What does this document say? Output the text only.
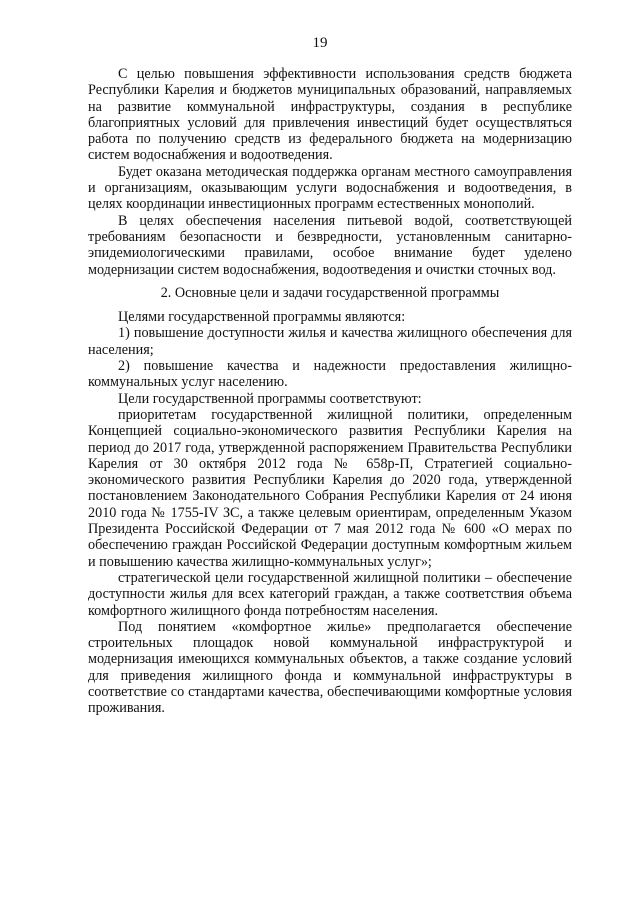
19

С целью повышения эффективности использования средств бюджета Республики Карелия и бюджетов муниципальных образований, направляемых на развитие коммунальной инфраструктуры, создания в республике благоприятных условий для привлечения инвестиций будет осуществляться работа по получению средств из федерального бюджета на модернизацию систем водоснабжения и водоотведения.

Будет оказана методическая поддержка органам местного самоуправления и организациям, оказывающим услуги водоснабжения и водоотведения, в целях координации инвестиционных программ естественных монополий.

В целях обеспечения населения питьевой водой, соответствующей требованиям безопасности и безвредности, установленным санитарно-эпидемиологическими правилами, особое внимание будет уделено модернизации систем водоснабжения, водоотведения и очистки сточных вод.

2. Основные цели и задачи государственной программы

Целями государственной программы являются:

1) повышение доступности жилья и качества жилищного обеспечения для населения;

2) повышение качества и надежности предоставления жилищно-коммунальных услуг населению.

Цели государственной программы соответствуют:

приоритетам государственной жилищной политики, определенным Концепцией социально-экономического развития Республики Карелия на период до 2017 года, утвержденной распоряжением Правительства Республики Карелия от 30 октября 2012 года № 658р-П, Стратегией социально-экономического развития Республики Карелия до 2020 года, утвержденной постановлением Законодательного Собрания Республики Карелия от 24 июня 2010 года № 1755-IV ЗС, а также целевым ориентирам, определенным Указом Президента Российской Федерации от 7 мая 2012 года № 600 «О мерах по обеспечению граждан Российской Федерации доступным комфортным жильем и повышению качества жилищно-коммунальных услуг»;

стратегической цели государственной жилищной политики – обеспечение доступности жилья для всех категорий граждан, а также соответствия объема комфортного жилищного фонда потребностям населения.

Под понятием «комфортное жилье» предполагается обеспечение строительных площадок новой коммунальной инфраструктурой и модернизация имеющихся коммунальных объектов, а также создание условий для приведения жилищного фонда и коммунальной инфраструктуры в соответствие со стандартами качества, обеспечивающими комфортные условия проживания.
